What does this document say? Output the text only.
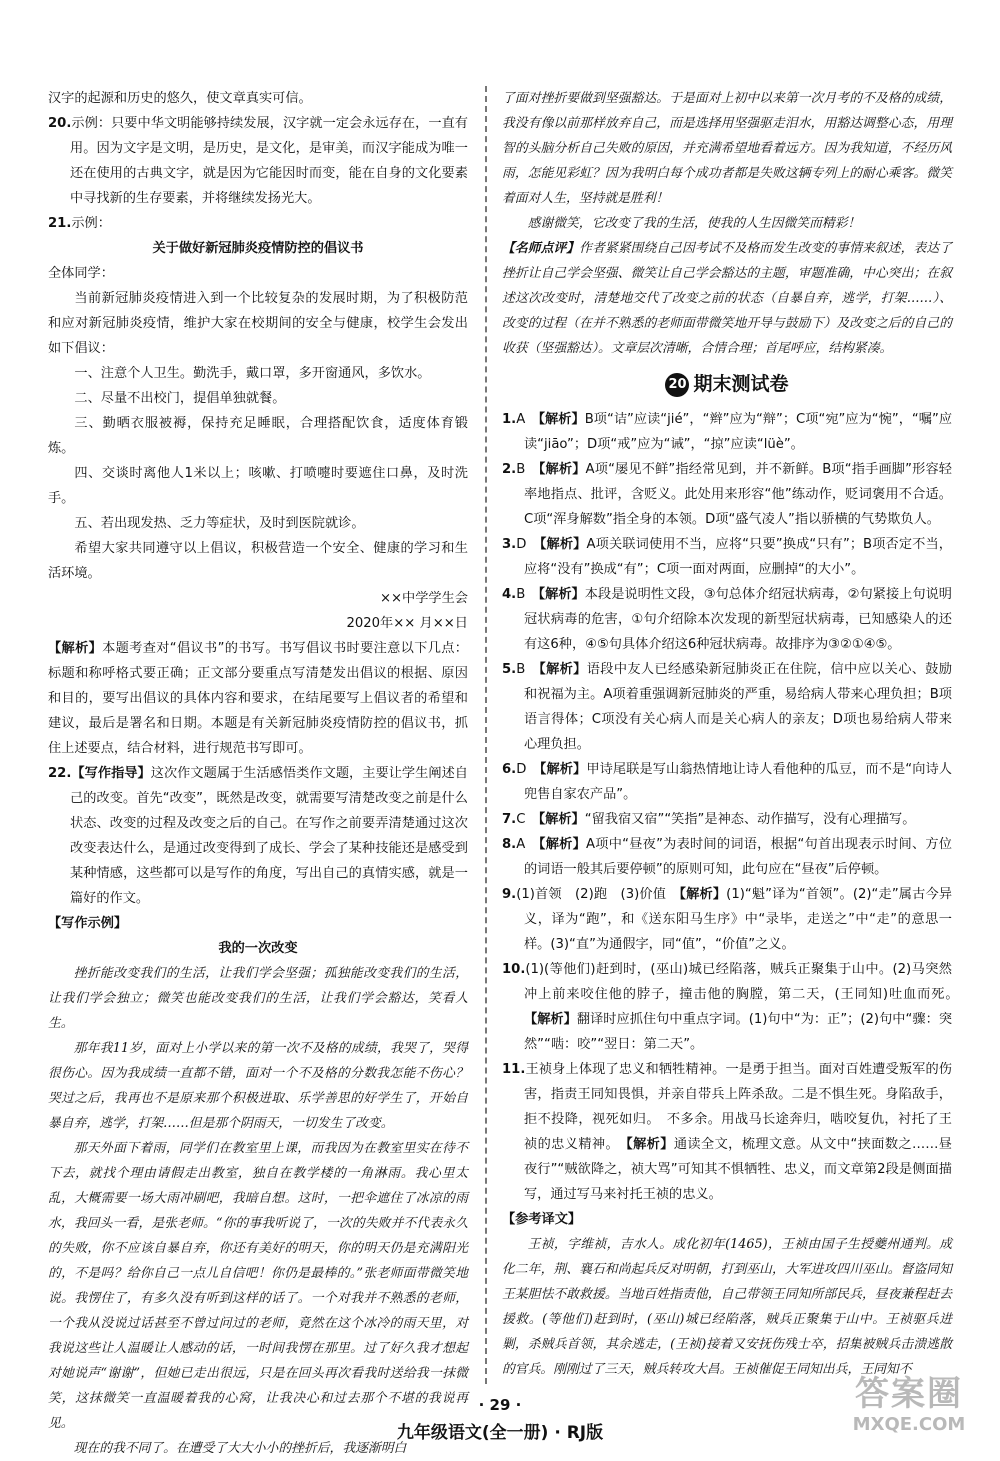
汉字的起源和历史的悠久，使文章真实可信。

20.示例：只要中华文明能够持续发展，汉字就一定会永远存在，一直有用。因为文字是文明，是历史，是文化，是审美，而汉字能成为唯一还在使用的古典文字，就是因为它能因时而变，能在自身的文化要素中寻找新的生存要素，并将继续发扬光大。

21.示例：

关于做好新冠肺炎疫情防控的倡议书

全体同学：

当前新冠肺炎疫情进入到一个比较复杂的发展时期，为了积极防范和应对新冠肺炎疫情，维护大家在校期间的安全与健康，校学生会发出如下倡议：

一、注意个人卫生。勤洗手，戴口罩，多开窗通风，多饮水。

二、尽量不出校门，提倡单独就餐。

三、勤晒衣服被褥，保持充足睡眠，合理搭配饮食，适度体育锻炼。

四、交谈时离他人1米以上；咳嗽、打喷嚏时要遮住口鼻，及时洗手。

五、若出现发热、乏力等症状，及时到医院就诊。

希望大家共同遵守以上倡议，积极营造一个安全、健康的学习和生活环境。

××中学学生会

2020年×× 月××日

【解析】本题考查对“倡议书”的书写。书写倡议书时要注意以下几点：标题和称呼格式要正确；正文部分要重点写清楚发出倡议的根据、原因和目的，要写出倡议的具体内容和要求，在结尾要写上倡议者的希望和建议，最后是署名和日期。本题是有关新冠肺炎疫情防控的倡议书，抓住上述要点，结合材料，进行规范书写即可。

22.【写作指导】这次作文题属于生活感悟类作文题，主要让学生阐述自己的改变。首先“改变”，既然是改变，就需要写清楚改变之前是什么状态、改变的过程及改变之后的自己。在写作之前要弄清楚通过这次改变表达什么，是通过改变得到了成长、学会了某种技能还是感受到某种情感，这些都可以是写作的角度，写出自己的真情实感，就是一篇好的作文。

【写作示例】

我的一次改变

挫折能改变我们的生活，让我们学会坚强；孤独能改变我们的生活，让我们学会独立；微笑也能改变我们的生活，让我们学会豁达，笑看人生。

那年我11岁，面对上小学以来的第一次不及格的成绩，我哭了，哭得很伤心。因为我成绩一直都不错，面对一个不及格的分数我怎能不伤心？哭过之后，我再也不是原来那个积极进取、乐学善思的好学生了，开始自暴自弃，逃学，打架……但是那个阴雨天，一切发生了改变。

那天外面下着雨，同学们在教室里上课，而我因为在教室里实在待不下去，就找个理由请假走出教室，独自在教学楼的一角淋雨。我心里太乱，大概需要一场大雨冲刷吧，我暗自想。这时，一把伞遮住了冰凉的雨水，我回头一看，是张老师。“你的事我听说了，一次的失败并不代表永久的失败，你不应该自暴自弃，你还有美好的明天，你的明天仍是充满阳光的，不是吗？给你自己一点儿自信吧！你仍是最棒的。”张老师面带微笑地说。我愣住了，有多久没有听到这样的话了。一个对我并不熟悉的老师，一个我从没说过话甚至不曾过问过的老师，竟然在这个冰冷的雨天里，对我说这些让人温暖让人感动的话，一时间我愣在那里。过了好久我才想起对她说声“谢谢”，但她已走出很远，只是在回头再次看我时送给我一抹微笑，这抹微笑一直温暖着我的心窝，让我决心和过去那个不堪的我说再见。

现在的我不同了。在遭受了大大小小的挫折后，我逐渐明白

了面对挫折要做到坚强豁达。于是面对上初中以来第一次月考的不及格的成绩，我没有像以前那样放弃自己，而是选择用坚强驱走泪水，用豁达调整心态，用理智的头脑分析自己失败的原因，并充满希望地看着远方。因为我知道，不经历风雨，怎能见彩虹？因为我明白每个成功者都是失败这辆专列上的耐心乘客。微笑着面对人生，坚持就是胜利！

感谢微笑，它改变了我的生活，使我的人生因微笑而精彩！

【名师点评】作者紧紧围绕自己因考试不及格而发生改变的事情来叙述，表达了挫折让自己学会坚强、微笑让自己学会豁达的主题，审题准确，中心突出；在叙述这次改变时，清楚地交代了改变之前的状态（自暴自弃，逃学，打架……）、改变的过程（在并不熟悉的老师面带微笑地开导与鼓励下）及改变之后的自己的收获（坚强豁达）。文章层次清晰，合情合理；首尾呼应，结构紧凑。

20 期末测试卷

1.A　 【解析】B项“诘”应读“jié”，“辫”应为“辩”；C项“宛”应为“惋”，“嘱”应读“jiāo”；D项“戒”应为“诫”，“掠”应读“lüè”。

2.B　 【解析】A项“屡见不鲜”指经常见到，并不新鲜。B项“指手画脚”形容轻率地指点、批评，含贬义。此处用来形容“他”练动作，贬词褒用不合适。C项“浑身解数”指全身的本领。D项“盛气凌人”指以骄横的气势欺负人。

3.D　 【解析】A项关联词使用不当，应将“只要”换成“只有”；B项否定不当，应将“没有”换成“有”；C项一面对两面，应删掉“的大小”。

4.B　 【解析】本段是说明性文段，③句总体介绍冠状病毒，②句紧接上句说明冠状病毒的危害，①句介绍除本次发现的新型冠状病毒，已知感染人的还有这6种，④⑤句具体介绍这6种冠状病毒。故排序为③②①④⑤。

5.B　 【解析】语段中友人已经感染新冠肺炎正在住院，信中应以关心、鼓励和祝福为主。A项着重强调新冠肺炎的严重，易给病人带来心理负担；B项语言得体；C项没有关心病人而是关心病人的亲友；D项也易给病人带来心理负担。

6.D　 【解析】甲诗尾联是写山翁热情地让诗人看他种的瓜豆，而不是“向诗人兜售自家农产品”。

7.C　 【解析】“留我宿又宿”“笑指”是神态、动作描写，没有心理描写。

8.A　 【解析】A项中“昼夜”为表时间的词语，根据“句首出现表示时间、方位的词语一般其后要停顿”的原则可知，此句应在“昼夜”后停顿。

9.(1)首领　(2)跑　(3)价值　 【解析】(1)“魁”译为“首领”。(2)“走”属古今异义，译为“跑”，和《送东阳马生序》中“录毕，走送之”中“走”的意思一样。(3)“直”为通假字，同“值”，“价值”之义。

10.(1)(等他们)赶到时，(巫山)城已经陷落，贼兵正聚集于山中。(2)马突然冲上前来咬住他的脖子，撞击他的胸膛，第二天，(王同知)吐血而死。　【解析】翻译时应抓住句中重点字词。(1)句中“为：正”；(2)句中“骤：突然”“啮：咬”“翌日：第二天”。

11.王祯身上体现了忠义和牺牲精神。一是勇于担当。面对百姓遭受叛军的伤害，指责王同知畏惧，并亲自带兵上阵杀敌。二是不惧生死。身陷敌手，拒不投降，视死如归。　不多余。用战马长途奔归，啮咬复仇，衬托了王祯的忠义精神。　 【解析】通读全文，梳理文意。从文中“挟面数之……昼夜行”“贼欲降之，祯大骂”可知其不惧牺牲、忠义，而文章第2段是侧面描写，通过写马来衬托王祯的忠义。

【参考译文】

王祯，字维祯，吉水人。成化初年(1465)，王祯由国子生授夔州通判。成化二年，荆、襄石和尚起兵反对明朝，打到巫山，大军进攻四川巫山。督盗同知王某胆怯不敢救援。当地百姓指责他，自己带领王同知所部民兵，昼夜兼程赶去援救。(等他们)赶到时，(巫山)城已经陷落，贼兵正聚集于山中。王祯驱兵进剿，杀贼兵首领，其余逃走，(王祯)接着又安抚伤残士卒，招集被贼兵击溃逃散的官兵。刚刚过了三天，贼兵转攻大昌。王祯催促王同知出兵，王同知不

· 29 ·
九年级语文(全一册) · RJ版
答案圈
MXQE.COM
